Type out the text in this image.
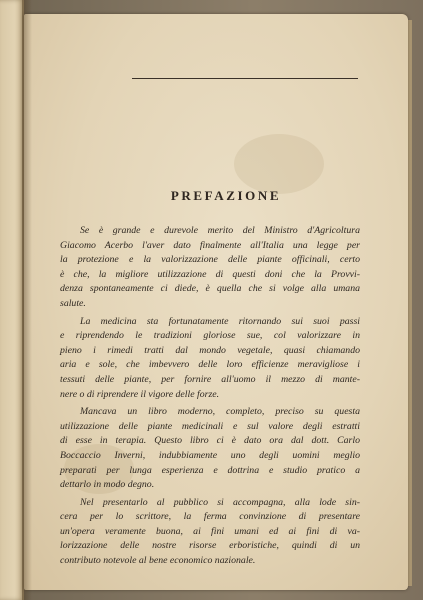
PREFAZIONE
Se è grande e durevole merito del Ministro d'Agricoltura
Giacomo Acerbo l'aver dato finalmente all'Italia una legge per
la protezione e la valorizzazione delle piante officinali, certo
è che, la migliore utilizzazione di questi doni che la Provvi-
denza spontaneamente ci diede, è quella che si volge alla umana
salute.
La medicina sta fortunatamente ritornando sui suoi passi
e riprendendo le tradizioni gloriose sue, col valorizzare in
pieno i rimedi tratti dal mondo vegetale, quasi chiamando
aria e sole, che imbevvero delle loro efficienze meravigliose i
tessuti delle piante, per fornire all'uomo il mezzo di mante-
nere o di riprendere il vigore delle forze.
Mancava un libro moderno, completo, preciso su questa
utilizzazione delle piante medicinali e sul valore degli estratti
di esse in terapia. Questo libro ci è dato ora dal dott. Carlo
Boccaccio Inverni, indubbiamente uno degli uomini meglio
preparati per lunga esperienza e dottrina e studio pratico a
dettarlo in modo degno.
Nel presentarlo al pubblico si accompagna, alla lode sin-
cera per lo scrittore, la ferma convinzione di presentare
un'opera veramente buona, ai fini umani ed ai fini di va-
lorizzazione delle nostre risorse erboristiche, quindi di un
contributo notevole al bene economico nazionale.
